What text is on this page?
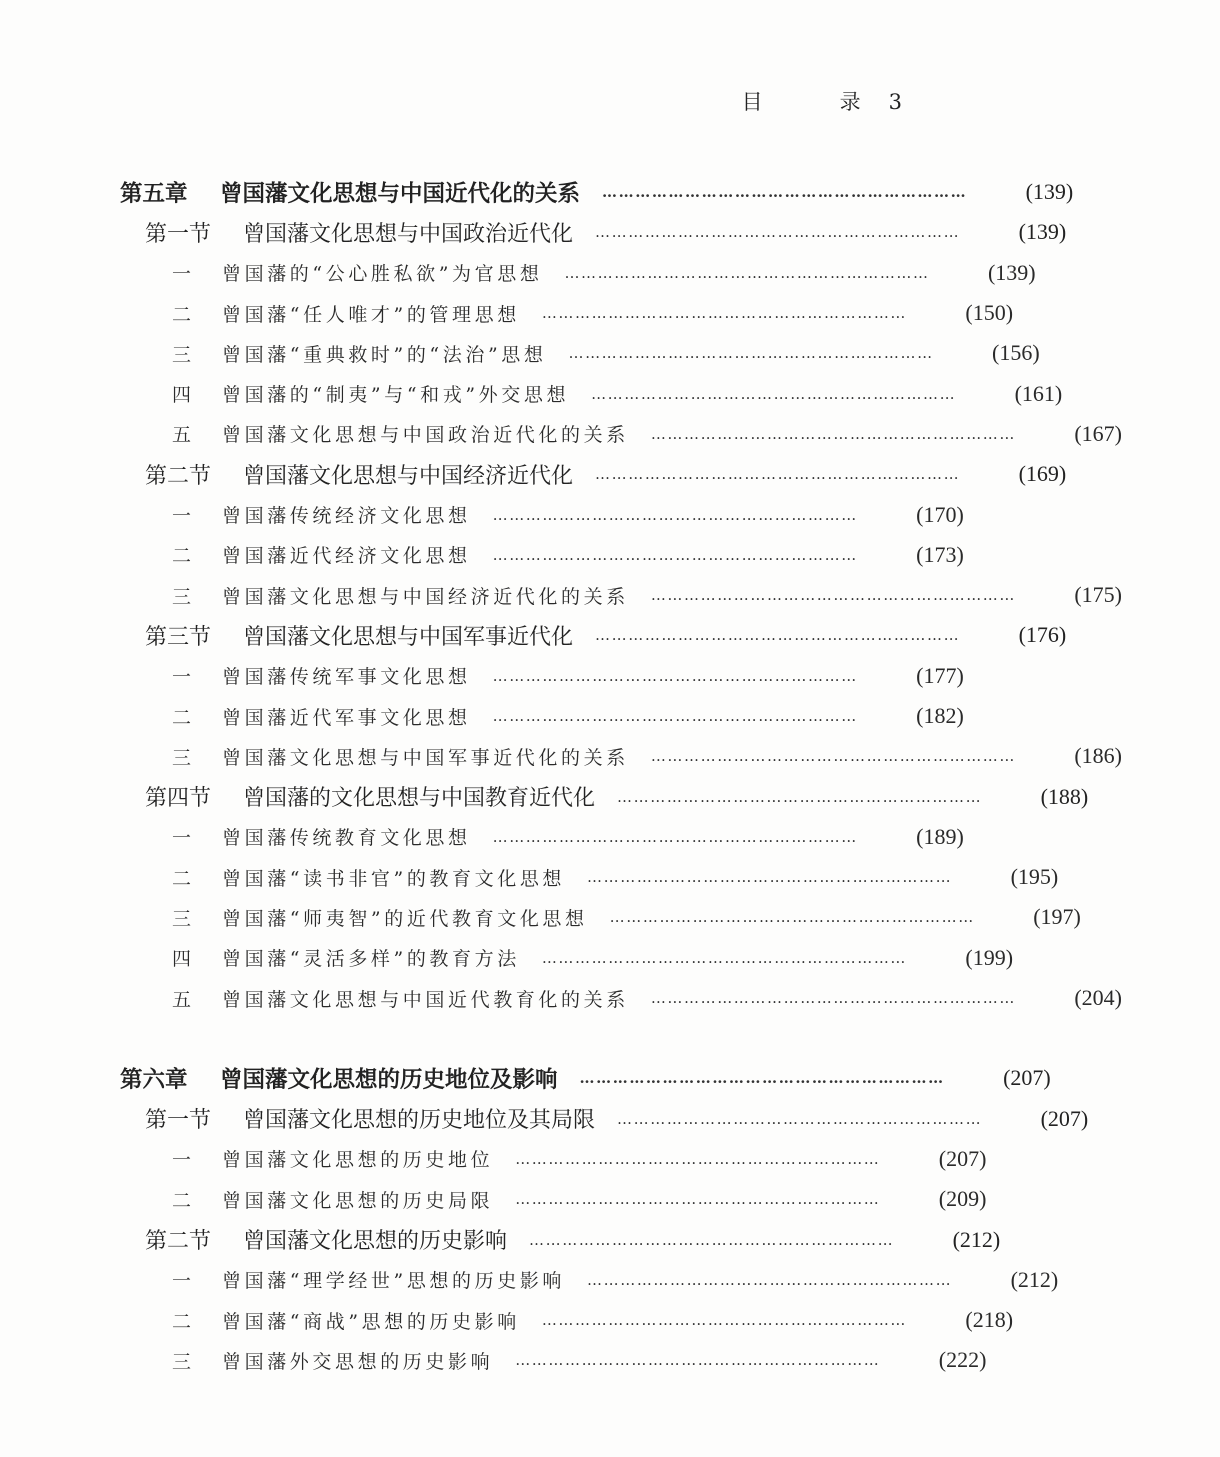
目　录 3
第五章	曾国藩文化思想与中国近代化的关系 …………………………………………………………	(139)
第一节	曾国藩文化思想与中国政治近代化 …………………………………………………………	(139)
一	曾国藩的“公心胜私欲”为官思想 …………………………………………………………	(139)
二	曾国藩“任人唯才”的管理思想 …………………………………………………………	(150)
三	曾国藩“重典救时”的“法治”思想 …………………………………………………………	(156)
四	曾国藩的“制夷”与“和戎”外交思想 …………………………………………………………	(161)
五	曾国藩文化思想与中国政治近代化的关系 …………………………………………………………	(167)
第二节	曾国藩文化思想与中国经济近代化 …………………………………………………………	(169)
一	曾国藩传统经济文化思想 …………………………………………………………	(170)
二	曾国藩近代经济文化思想 …………………………………………………………	(173)
三	曾国藩文化思想与中国经济近代化的关系 …………………………………………………………	(175)
第三节	曾国藩文化思想与中国军事近代化 …………………………………………………………	(176)
一	曾国藩传统军事文化思想 …………………………………………………………	(177)
二	曾国藩近代军事文化思想 …………………………………………………………	(182)
三	曾国藩文化思想与中国军事近代化的关系 …………………………………………………………	(186)
第四节	曾国藩的文化思想与中国教育近代化 …………………………………………………………	(188)
一	曾国藩传统教育文化思想 …………………………………………………………	(189)
二	曾国藩“读书非官”的教育文化思想 …………………………………………………………	(195)
三	曾国藩“师夷智”的近代教育文化思想 …………………………………………………………	(197)
四	曾国藩“灵活多样”的教育方法 …………………………………………………………	(199)
五	曾国藩文化思想与中国近代教育化的关系 …………………………………………………………	(204)
第六章	曾国藩文化思想的历史地位及影响 …………………………………………………………	(207)
第一节	曾国藩文化思想的历史地位及其局限 …………………………………………………………	(207)
一	曾国藩文化思想的历史地位 …………………………………………………………	(207)
二	曾国藩文化思想的历史局限 …………………………………………………………	(209)
第二节	曾国藩文化思想的历史影响 …………………………………………………………	(212)
一	曾国藩“理学经世”思想的历史影响 …………………………………………………………	(212)
二	曾国藩“商战”思想的历史影响 …………………………………………………………	(218)
三	曾国藩外交思想的历史影响 …………………………………………………………	(222)
